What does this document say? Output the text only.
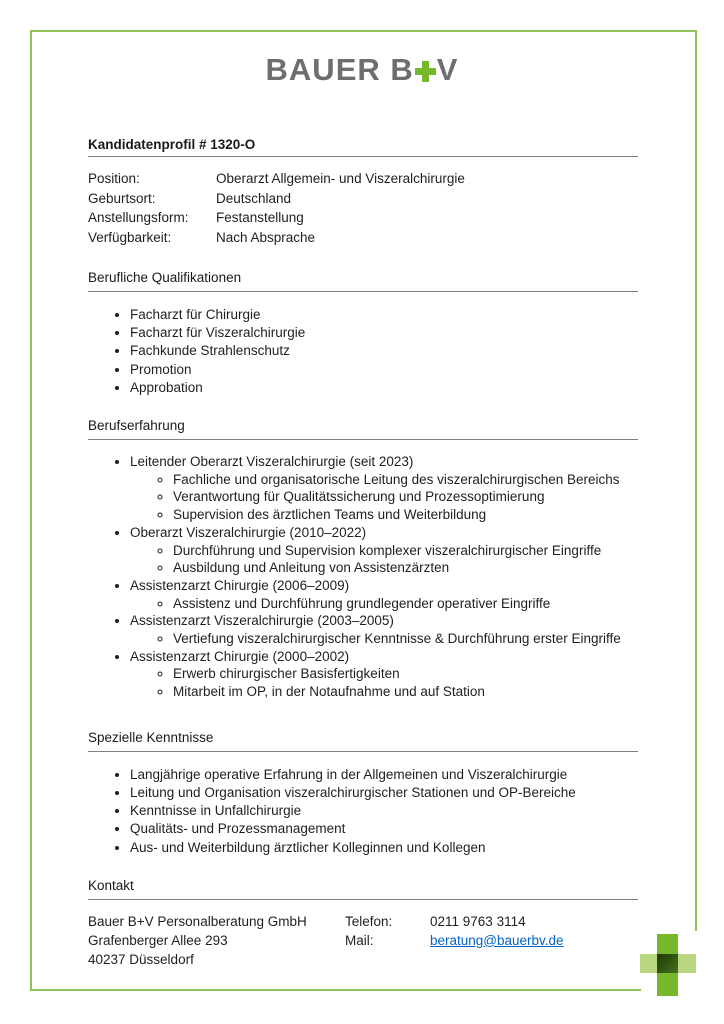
BAUER B V
Kandidatenprofil # 1320-O
Position:	Oberarzt Allgemein- und Viszeralchirurgie
Geburtsort:	Deutschland
Anstellungsform:	Festanstellung
Verfügbarkeit:	Nach Absprache
Berufliche Qualifikationen
• Facharzt für Chirurgie
• Facharzt für Viszeralchirurgie
• Fachkunde Strahlenschutz
• Promotion
• Approbation
Berufserfahrung
• Leitender Oberarzt Viszeralchirurgie (seit 2023)
◦ Fachliche und organisatorische Leitung des viszeralchirurgischen Bereichs
◦ Verantwortung für Qualitätssicherung und Prozessoptimierung
◦ Supervision des ärztlichen Teams und Weiterbildung
• Oberarzt Viszeralchirurgie (2010–2022)
◦ Durchführung und Supervision komplexer viszeralchirurgischer Eingriffe
◦ Ausbildung und Anleitung von Assistenzärzten
• Assistenzarzt Chirurgie (2006–2009)
◦ Assistenz und Durchführung grundlegender operativer Eingriffe
• Assistenzarzt Viszeralchirurgie (2003–2005)
◦ Vertiefung viszeralchirurgischer Kenntnisse & Durchführung erster Eingriffe
• Assistenzarzt Chirurgie (2000–2002)
◦ Erwerb chirurgischer Basisfertigkeiten
◦ Mitarbeit im OP, in der Notaufnahme und auf Station
Spezielle Kenntnisse
• Langjährige operative Erfahrung in der Allgemeinen und Viszeralchirurgie
• Leitung und Organisation viszeralchirurgischer Stationen und OP-Bereiche
• Kenntnisse in Unfallchirurgie
• Qualitäts- und Prozessmanagement
• Aus- und Weiterbildung ärztlicher Kolleginnen und Kollegen
Kontakt
Bauer B+V Personalberatung GmbH
Grafenberger Allee 293
40237 Düsseldorf
Telefon:	0211 9763 3114
Mail:	beratung@bauerbv.de
